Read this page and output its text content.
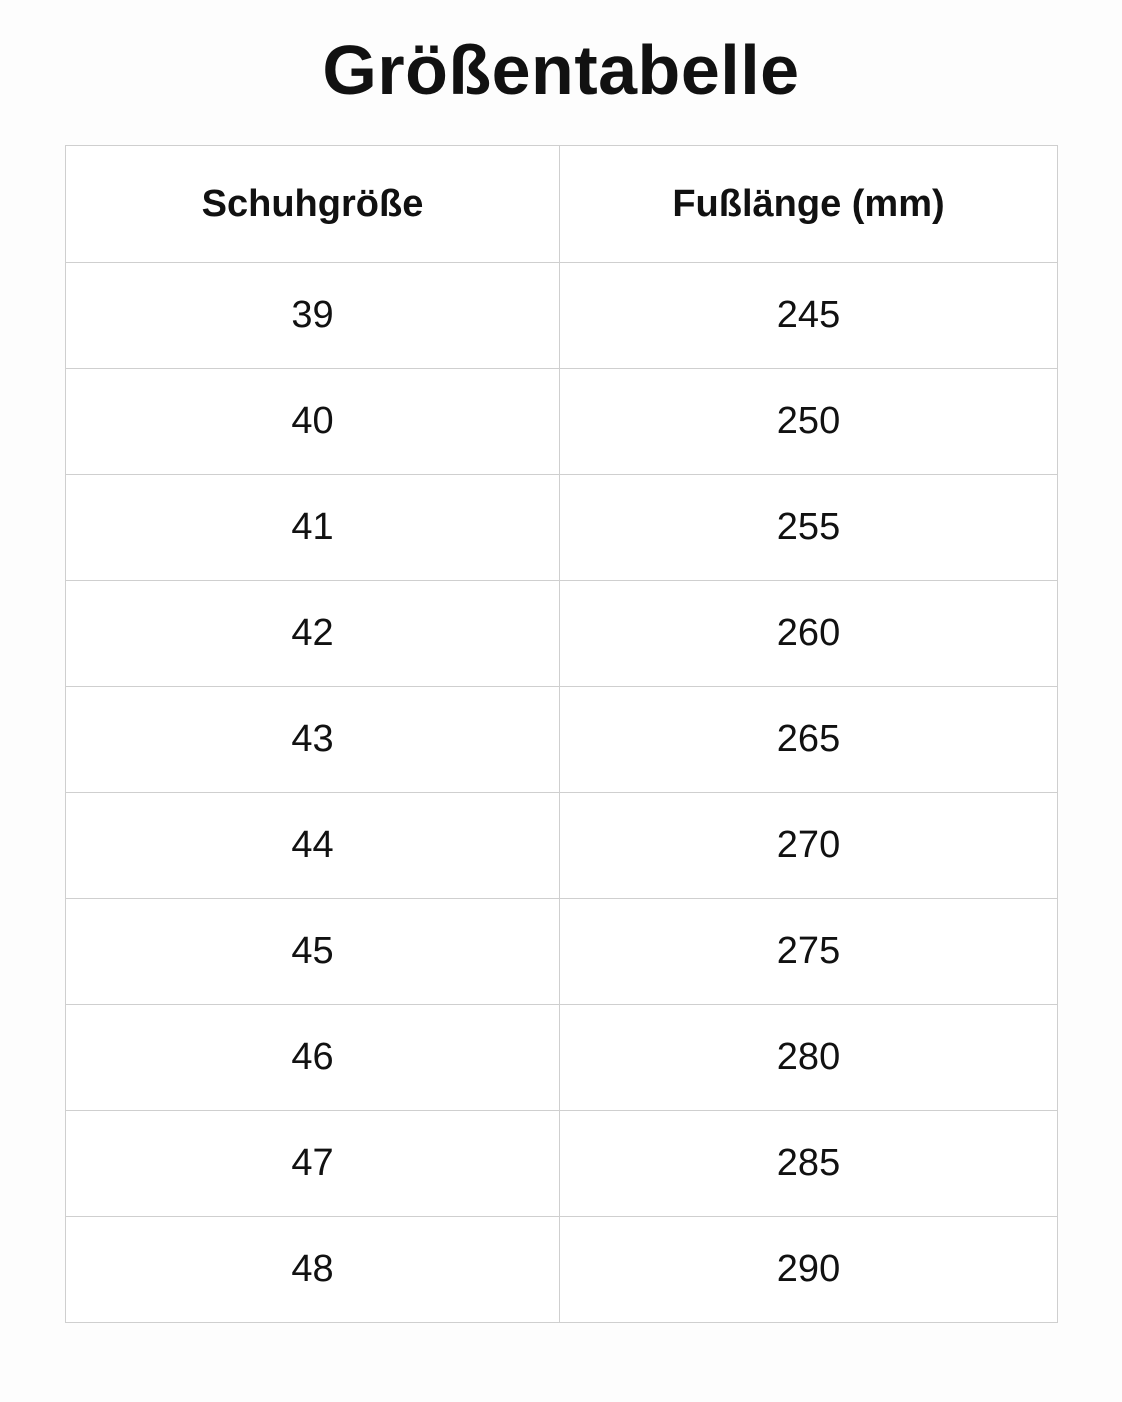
Größentabelle
Schuhgröße	Fußlänge (mm)
39	245
40	250
41	255
42	260
43	265
44	270
45	275
46	280
47	285
48	290
